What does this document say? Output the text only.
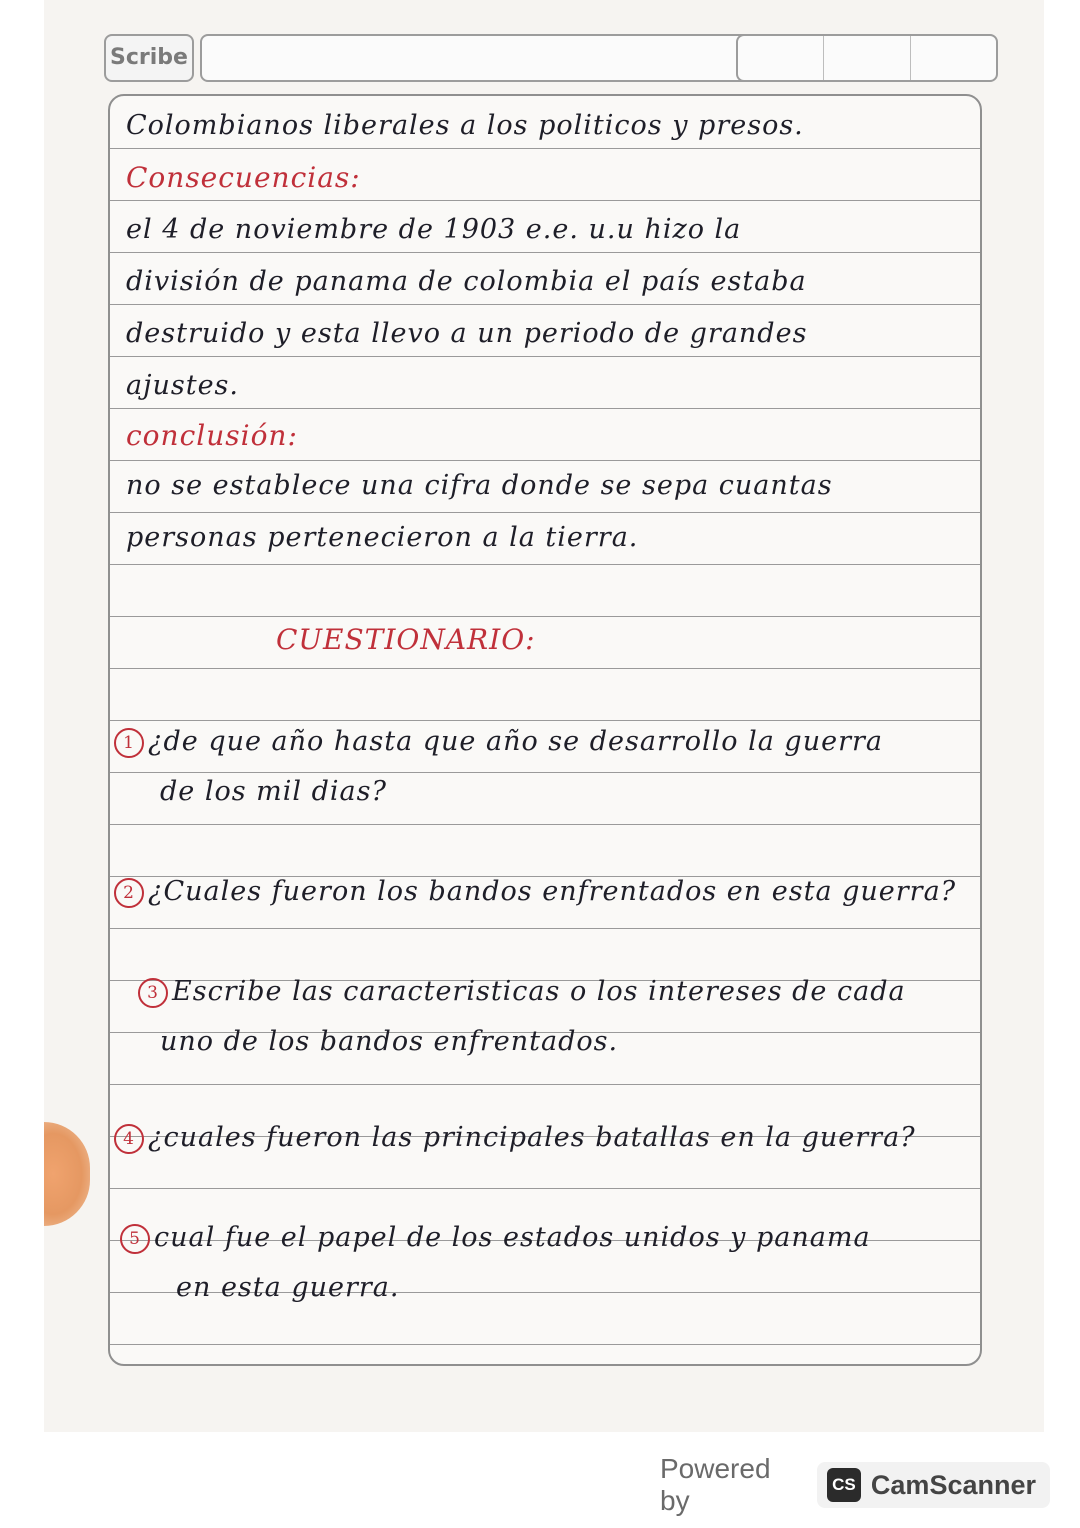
Scribe
Colombianos liberales a los politicos y presos.
Consecuencias:
el 4 de noviembre de 1903 e.e. u.u hizo la
división de panama de colombia el país estaba
destruido y esta llevo a un periodo de grandes
ajustes.
conclusión:
no se establece una cifra donde se sepa cuantas
personas pertenecieron a la tierra.
CUESTIONARIO:
1 ¿de que año hasta que año se desarrollo la guerra
de los mil dias?
2 ¿Cuales fueron los bandos enfrentados en esta guerra?
3 Escribe las caracteristicas o los intereses de cada
uno de los bandos enfrentados.
4 ¿cuales fueron las principales batallas en la guerra?
5 cual fue el papel de los estados unidos y panama
en esta guerra.
Powered by
CS CamScanner
